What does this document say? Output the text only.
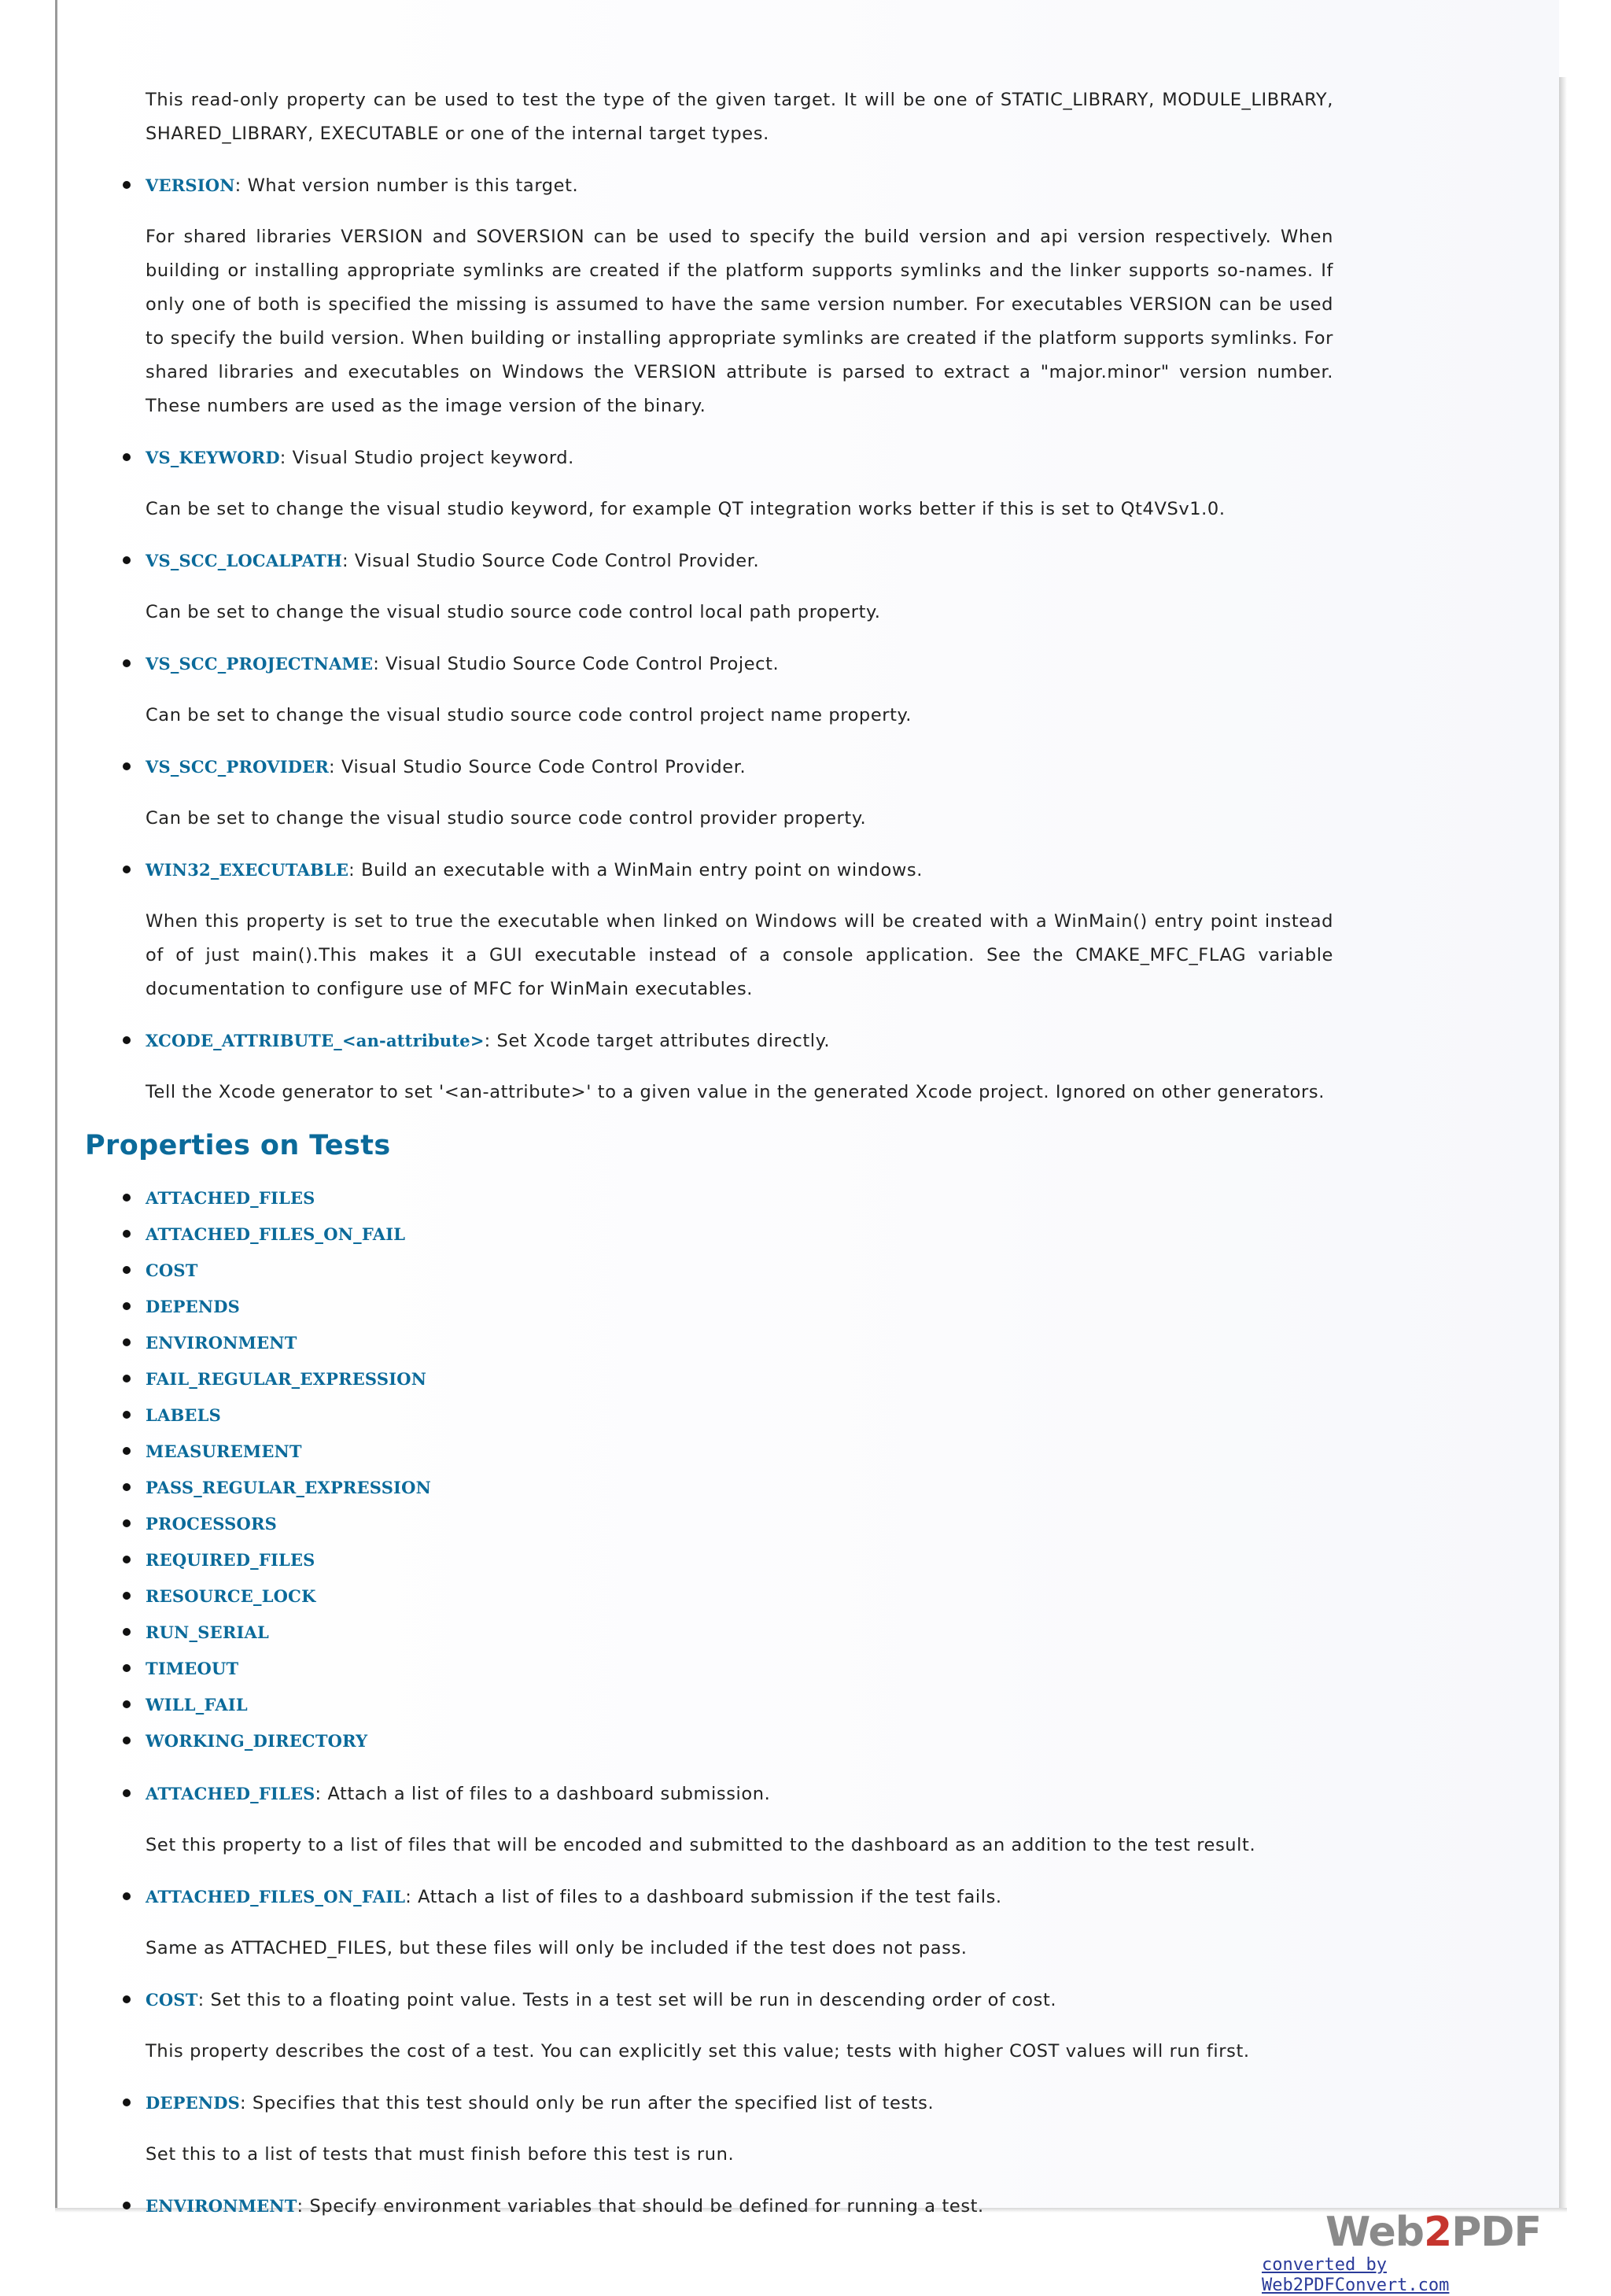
This read-only property can be used to test the type of the given target. It will be one of STATIC_LIBRARY, MODULE_LIBRARY, SHARED_LIBRARY, EXECUTABLE or one of the internal target types.

VERSION: What version number is this target.

For shared libraries VERSION and SOVERSION can be used to specify the build version and api version respectively. When building or installing appropriate symlinks are created if the platform supports symlinks and the linker supports so-names. If only one of both is specified the missing is assumed to have the same version number. For executables VERSION can be used to specify the build version. When building or installing appropriate symlinks are created if the platform supports symlinks. For shared libraries and executables on Windows the VERSION attribute is parsed to extract a "major.minor" version number. These numbers are used as the image version of the binary.

VS_KEYWORD: Visual Studio project keyword.

Can be set to change the visual studio keyword, for example QT integration works better if this is set to Qt4VSv1.0.

VS_SCC_LOCALPATH: Visual Studio Source Code Control Provider.

Can be set to change the visual studio source code control local path property.

VS_SCC_PROJECTNAME: Visual Studio Source Code Control Project.

Can be set to change the visual studio source code control project name property.

VS_SCC_PROVIDER: Visual Studio Source Code Control Provider.

Can be set to change the visual studio source code control provider property.

WIN32_EXECUTABLE: Build an executable with a WinMain entry point on windows.

When this property is set to true the executable when linked on Windows will be created with a WinMain() entry point instead of of just main().This makes it a GUI executable instead of a console application. See the CMAKE_MFC_FLAG variable documentation to configure use of MFC for WinMain executables.

XCODE_ATTRIBUTE_<an-attribute>: Set Xcode target attributes directly.

Tell the Xcode generator to set '<an-attribute>' to a given value in the generated Xcode project. Ignored on other generators.

Properties on Tests
ATTACHED_FILES
ATTACHED_FILES_ON_FAIL
COST
DEPENDS
ENVIRONMENT
FAIL_REGULAR_EXPRESSION
LABELS
MEASUREMENT
PASS_REGULAR_EXPRESSION
PROCESSORS
REQUIRED_FILES
RESOURCE_LOCK
RUN_SERIAL
TIMEOUT
WILL_FAIL
WORKING_DIRECTORY
ATTACHED_FILES: Attach a list of files to a dashboard submission.

Set this property to a list of files that will be encoded and submitted to the dashboard as an addition to the test result.

ATTACHED_FILES_ON_FAIL: Attach a list of files to a dashboard submission if the test fails.

Same as ATTACHED_FILES, but these files will only be included if the test does not pass.

COST: Set this to a floating point value. Tests in a test set will be run in descending order of cost.

This property describes the cost of a test. You can explicitly set this value; tests with higher COST values will run first.

DEPENDS: Specifies that this test should only be run after the specified list of tests.

Set this to a list of tests that must finish before this test is run.

ENVIRONMENT: Specify environment variables that should be defined for running a test.
Web2PDF
converted by Web2PDFConvert.com
